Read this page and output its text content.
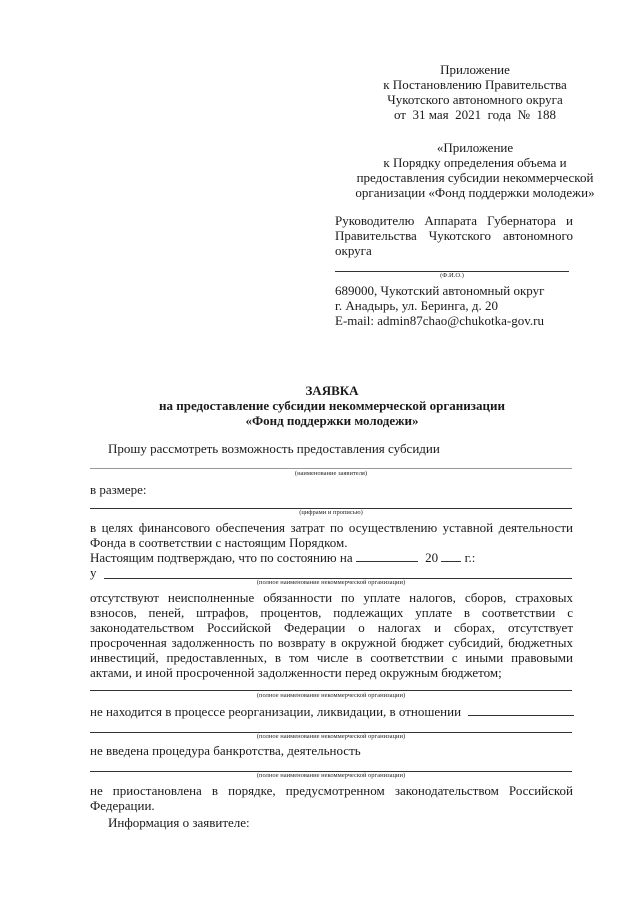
Приложение
к Постановлению Правительства
Чукотского автономного округа
от  31 мая  2021  года  №  188
«Приложение
к Порядку определения объема и
предоставления субсидии некоммерческой
организации «Фонд поддержки молодежи»
Руководителю Аппарата Губернатора и
Правительства Чукотского автономного
округа
(Ф.И.О.)
689000, Чукотский автономный округ
г. Анадырь, ул. Беринга, д. 20
E-mail: admin87chao@chukotka-gov.ru
ЗАЯВКА
на предоставление субсидии некоммерческой организации
«Фонд поддержки молодежи»
Прошу рассмотреть возможность предоставления субсидии
(наименование заявителя)
в размере:
(цифрами и прописью)
в целях финансового обеспечения затрат по осуществлению уставной деятельности
Фонда в соответствии с настоящим Порядком.
Настоящим подтверждаю, что по состоянию на	20 г.:
у
(полное наименование некоммерческой организации)
отсутствуют неисполненные обязанности по уплате налогов, сборов, страховых
взносов, пеней, штрафов, процентов, подлежащих уплате в соответствии с
законодательством Российской Федерации о налогах и сборах, отсутствует
просроченная задолженность по возврату в окружной бюджет субсидий, бюджетных
инвестиций, предоставленных, в том числе в соответствии с иными правовыми
актами, и иной просроченной задолженности перед окружным бюджетом;
(полное наименование некоммерческой организации)
не находится в процессе реорганизации, ликвидации, в отношении
(полное наименование некоммерческой организации)
не введена процедура банкротства, деятельность
(полное наименование некоммерческой организации)
не приостановлена в порядке, предусмотренном законодательством Российской
Федерации.
Информация о заявителе:
